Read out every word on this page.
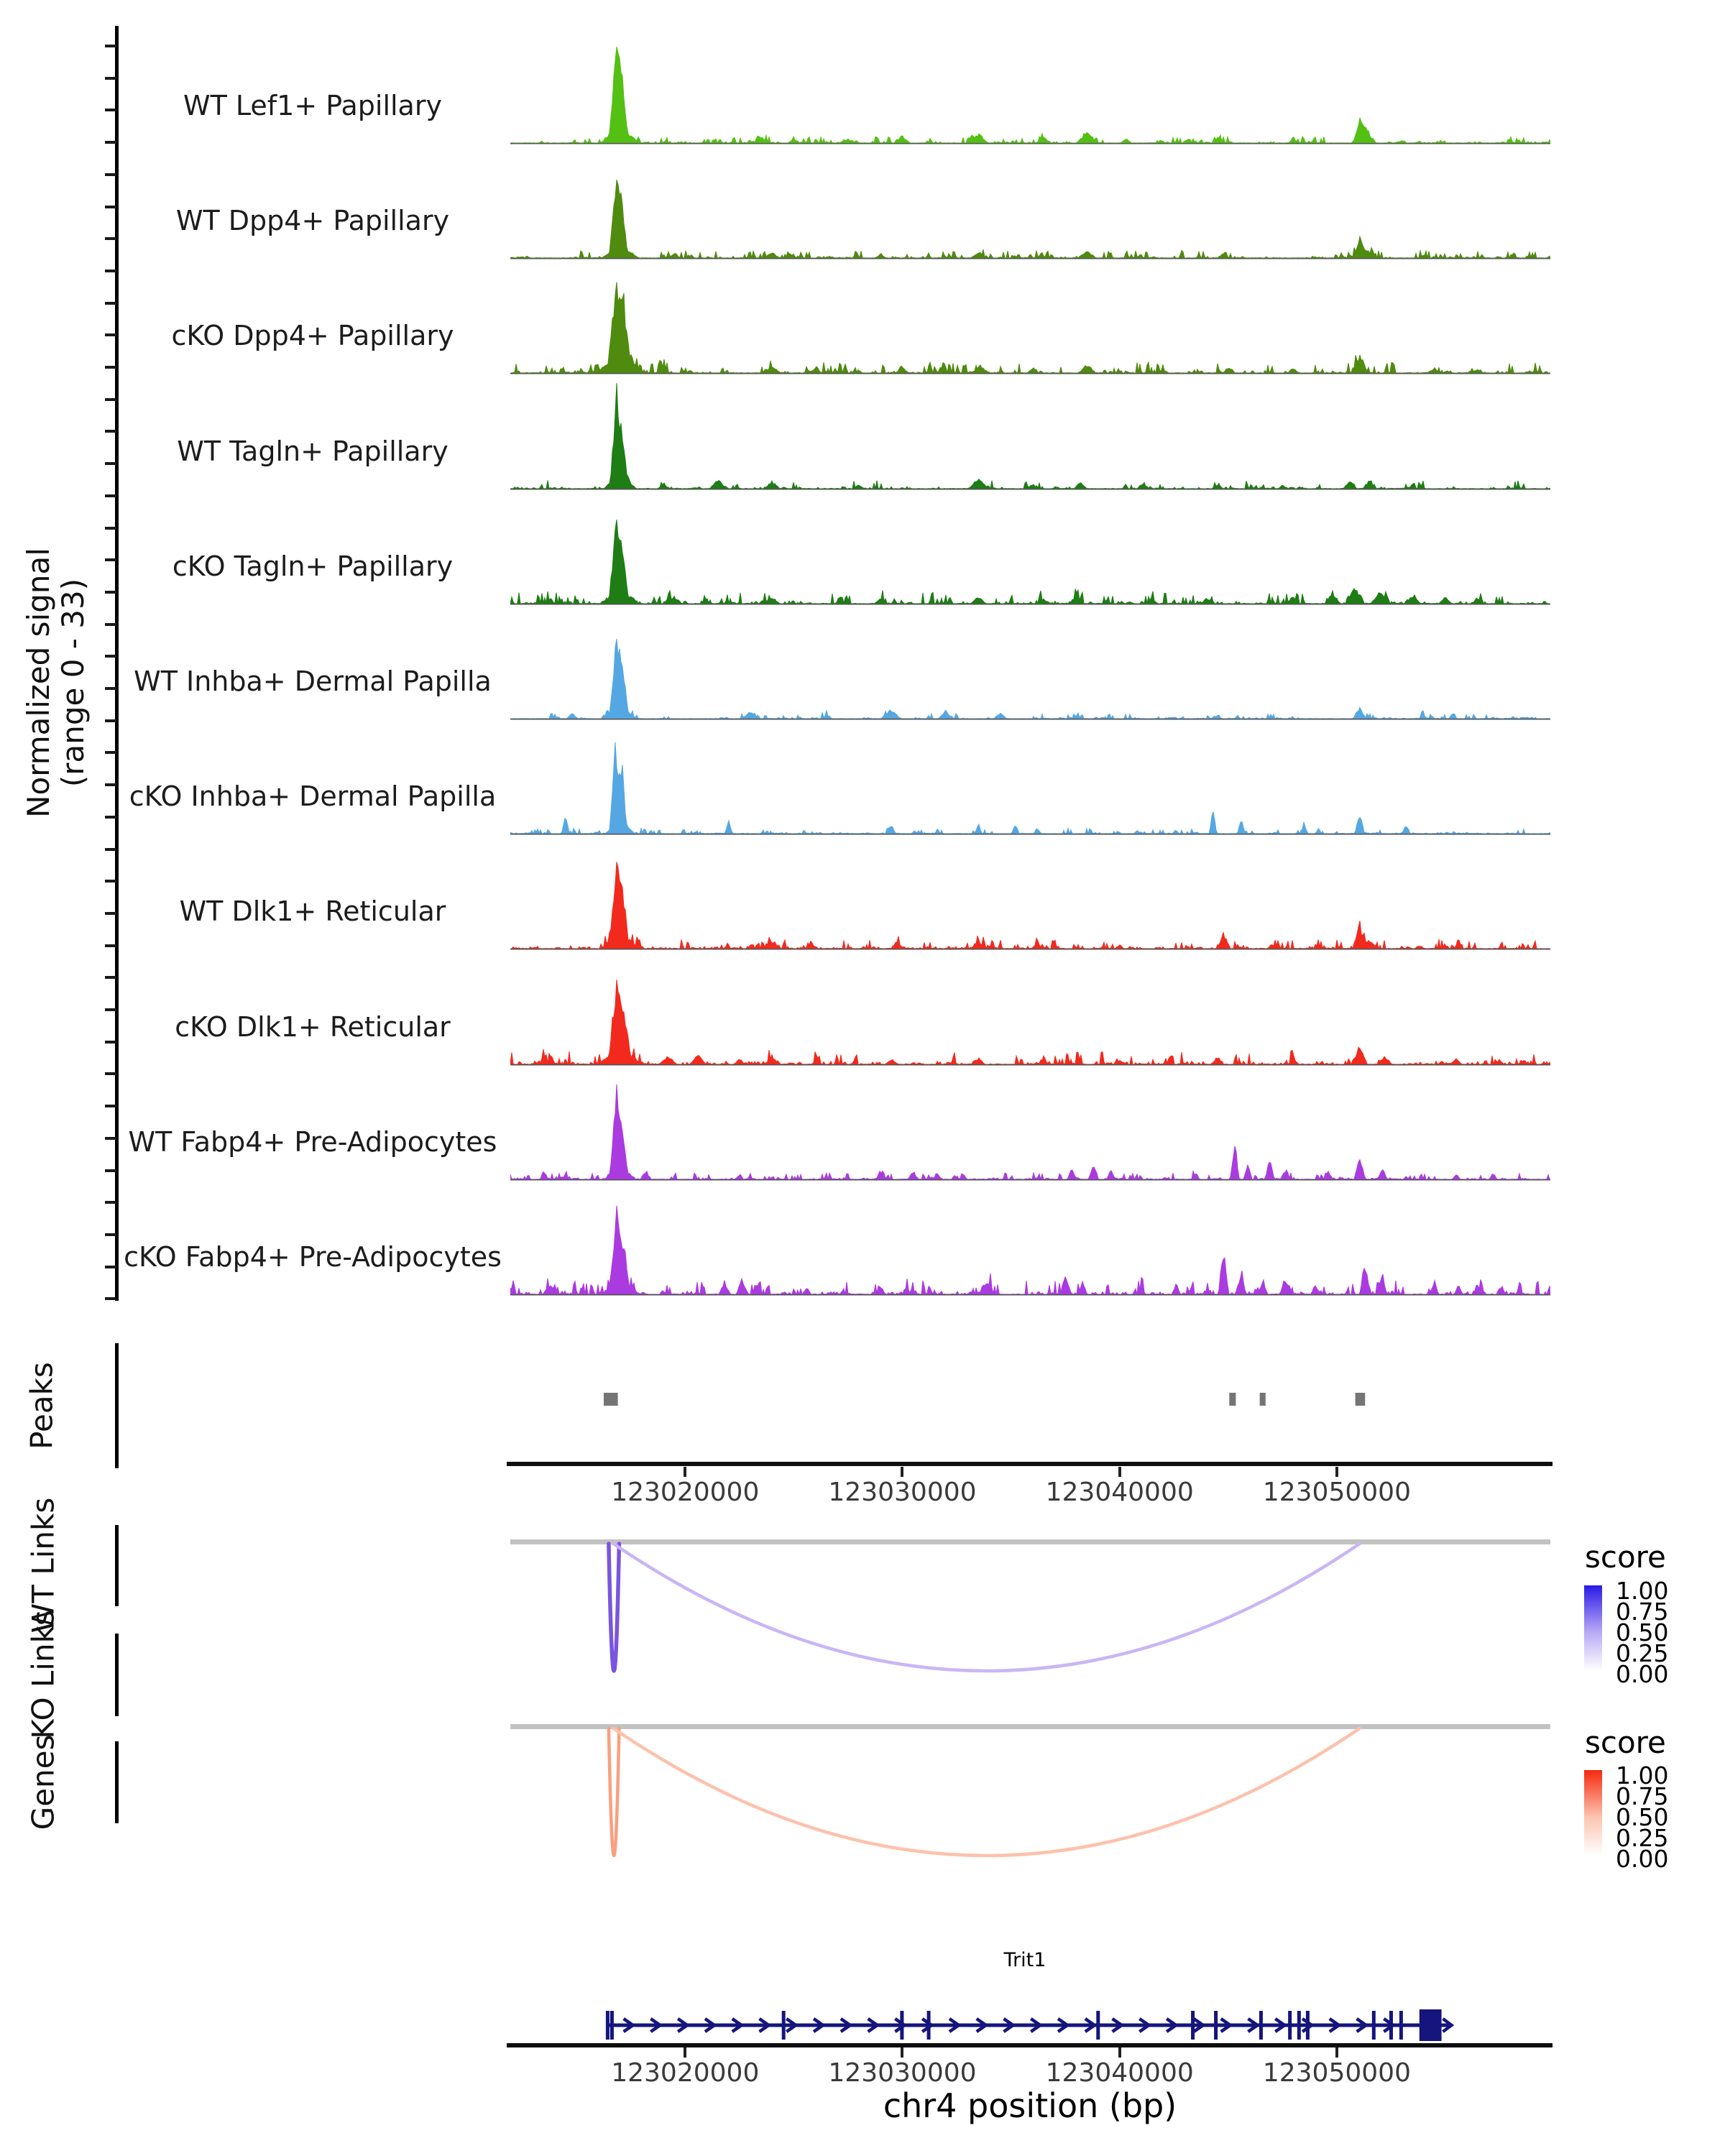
Normalized signal (range 0 - 33)
WT Lef1+ Papillary
WT Dpp4+ Papillary
cKO Dpp4+ Papillary
WT Tagln+ Papillary
cKO Tagln+ Papillary
WT Inhba+ Dermal Papilla
cKO Inhba+ Dermal Papilla
WT Dlk1+ Reticular
cKO Dlk1+ Reticular
WT Fabp4+ Pre-Adipocytes
cKO Fabp4+ Pre-Adipocytes
Peaks
123020000	123030000	123040000	123050000
WT Links	score
1.00
0.75
0.50
0.25
0.00
KO Links
score
1.00
0.75
0.50
0.25
0.00
Genes
Trit1
123020000	123030000	123040000	123050000
chr4 position (bp)
